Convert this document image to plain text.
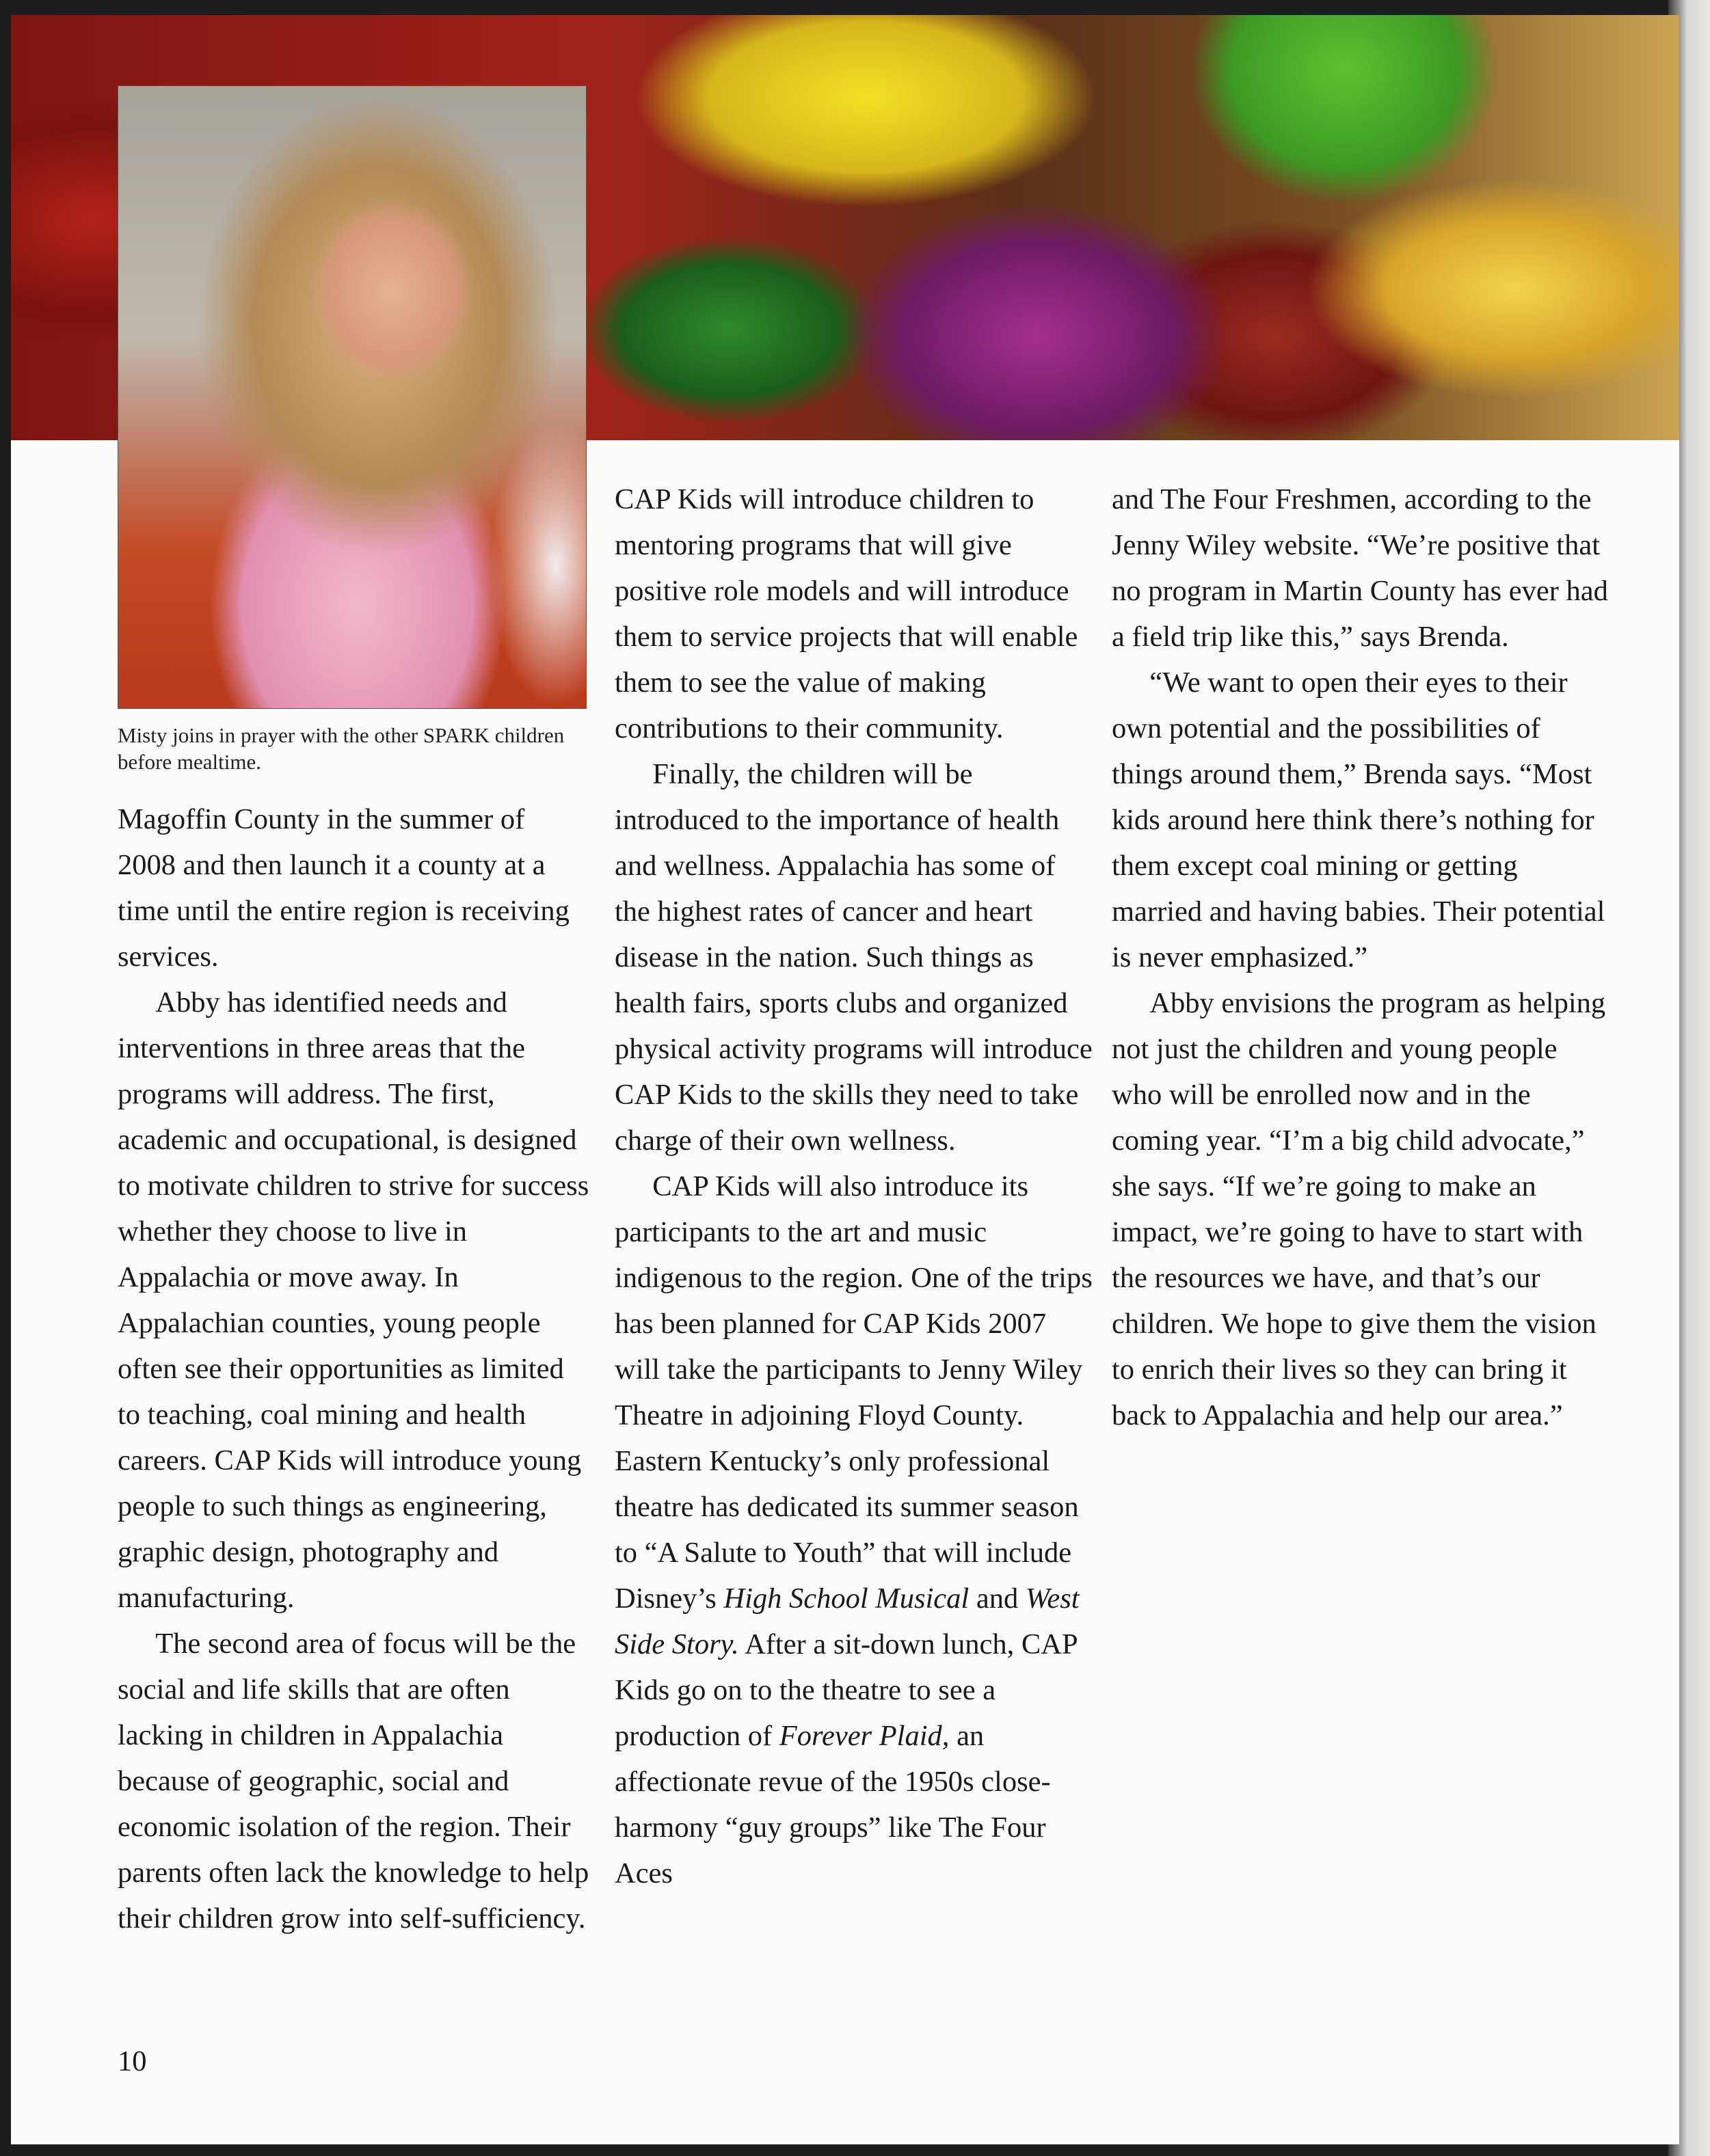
Misty joins in prayer with the other SPARK children before mealtime.

Magoffin County in the summer of 2008 and then launch it a county at a time until the entire region is receiving services.

Abby has identified needs and interventions in three areas that the programs will address. The first, academic and occupational, is designed to motivate children to strive for success whether they choose to live in Appalachia or move away. In Appalachian counties, young people often see their opportunities as limited to teaching, coal mining and health careers. CAP Kids will introduce young people to such things as engineering, graphic design, photography and manufacturing.

The second area of focus will be the social and life skills that are often lacking in children in Appalachia because of geographic, social and economic isolation of the region. Their parents often lack the knowledge to help their children grow into self-sufficiency.

CAP Kids will introduce children to mentoring programs that will give positive role models and will introduce them to service projects that will enable them to see the value of making contributions to their community.

Finally, the children will be introduced to the importance of health and wellness. Appalachia has some of the highest rates of cancer and heart disease in the nation. Such things as health fairs, sports clubs and organized physical activity programs will introduce CAP Kids to the skills they need to take charge of their own wellness.

CAP Kids will also introduce its participants to the art and music indigenous to the region. One of the trips has been planned for CAP Kids 2007 will take the participants to Jenny Wiley Theatre in adjoining Floyd County. Eastern Kentucky’s only professional theatre has dedicated its summer season to “A Salute to Youth” that will include Disney’s High School Musical and West Side Story. After a sit-down lunch, CAP Kids go on to the theatre to see a production of Forever Plaid, an affectionate revue of the 1950s close-harmony “guy groups” like The Four Aces

and The Four Freshmen, according to the Jenny Wiley website. “We’re positive that no program in Martin County has ever had a field trip like this,” says Brenda.

“We want to open their eyes to their own potential and the possibilities of things around them,” Brenda says. “Most kids around here think there’s nothing for them except coal mining or getting married and having babies. Their potential is never emphasized.”

Abby envisions the program as helping not just the children and young people who will be enrolled now and in the coming year. “I’m a big child advocate,” she says. “If we’re going to make an impact, we’re going to have to start with the resources we have, and that’s our children. We hope to give them the vision to enrich their lives so they can bring it back to Appalachia and help our area.”

10
